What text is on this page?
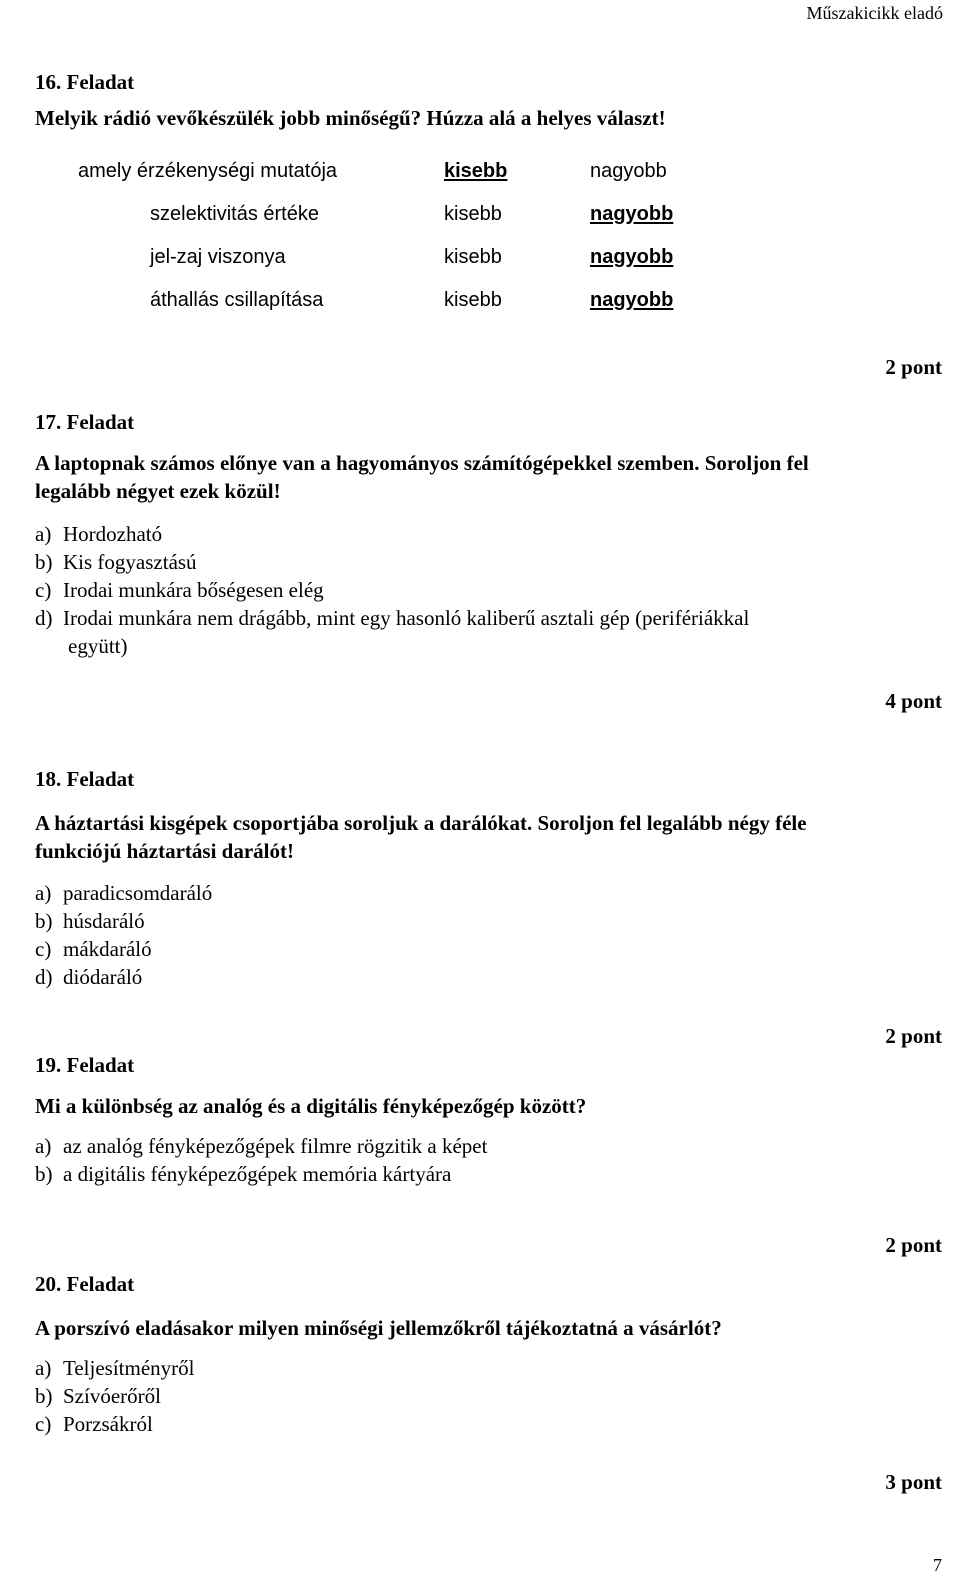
Műszakicikk eladó
16. Feladat
Melyik rádió vevőkészülék jobb minőségű? Húzza alá a helyes választ!
amely érzékenységi mutatója	kisebb	nagyobb
szelektivitás értéke	kisebb	nagyobb
jel-zaj viszonya	kisebb	nagyobb
áthallás csillapítása	kisebb	nagyobb
2 pont
17. Feladat
A laptopnak számos előnye van a hagyományos számítógépekkel szemben. Soroljon fel
legalább négyet ezek közül!
a) Hordozható
b) Kis fogyasztású
c) Irodai munkára bőségesen elég
d) Irodai munkára nem drágább, mint egy hasonló kaliberű asztali gép (perifériákkal
együtt)
4 pont
18. Feladat
A háztartási kisgépek csoportjába soroljuk a darálókat. Soroljon fel legalább négy féle
funkciójú háztartási darálót!
a) paradicsomdaráló
b) húsdaráló
c) mákdaráló
d) diódaráló
2 pont
19. Feladat
Mi a különbség az analóg és a digitális fényképezőgép között?
a) az analóg fényképezőgépek filmre rögzitik a képet
b) a digitális fényképezőgépek memória kártyára
2 pont
20. Feladat
A porszívó eladásakor milyen minőségi jellemzőkről tájékoztatná a vásárlót?
a) Teljesítményről
b) Szívóerőről
c) Porzsákról
3 pont
7
